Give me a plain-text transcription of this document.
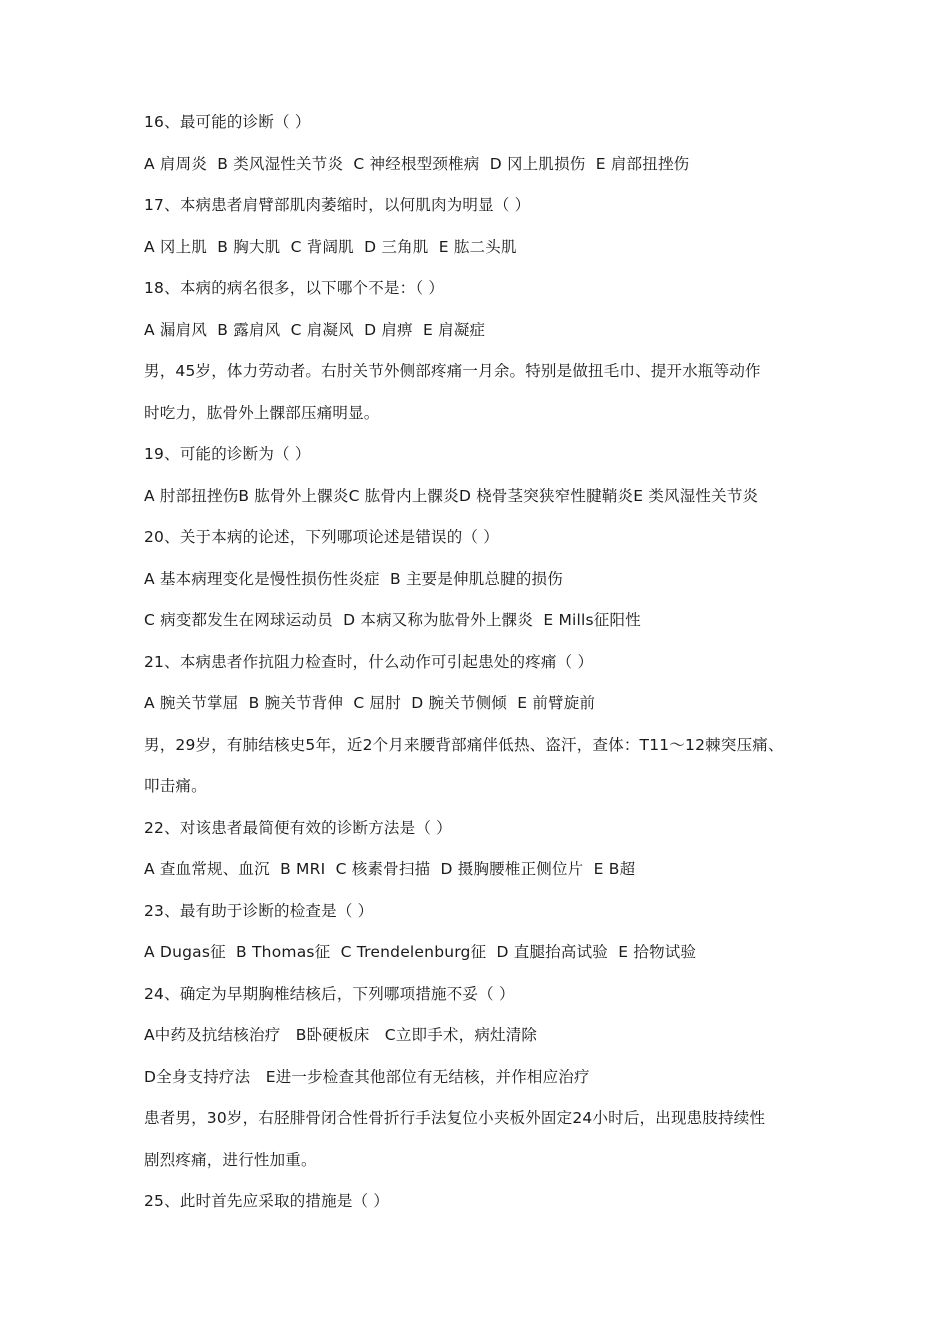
16、最可能的诊断（ ）
A 肩周炎  B 类风湿性关节炎  C 神经根型颈椎病  D 冈上肌损伤  E 肩部扭挫伤
17、本病患者肩臂部肌肉萎缩时，以何肌肉为明显（ ）
A 冈上肌  B 胸大肌  C 背阔肌  D 三角肌  E 肱二头肌
18、本病的病名很多，以下哪个不是：（ ）
A 漏肩风  B 露肩风  C 肩凝风  D 肩痹  E 肩凝症
男，45岁，体力劳动者。右肘关节外侧部疼痛一月余。特别是做扭毛巾、提开水瓶等动作
时吃力，肱骨外上髁部压痛明显。
19、可能的诊断为（ ）
A 肘部扭挫伤B 肱骨外上髁炎C 肱骨内上髁炎D 桡骨茎突狭窄性腱鞘炎E 类风湿性关节炎
20、关于本病的论述，下列哪项论述是错误的（ ）
A 基本病理变化是慢性损伤性炎症  B 主要是伸肌总腱的损伤
C 病变都发生在网球运动员  D 本病又称为肱骨外上髁炎  E Mills征阳性
21、本病患者作抗阻力检查时，什么动作可引起患处的疼痛（ ）
A 腕关节掌屈  B 腕关节背伸  C 屈肘  D 腕关节侧倾  E 前臂旋前
男，29岁，有肺结核史5年，近2个月来腰背部痛伴低热、盗汗，查体：T11～12棘突压痛、
叩击痛。
22、对该患者最简便有效的诊断方法是（ ）
A 查血常规、血沉  B MRI  C 核素骨扫描  D 摄胸腰椎正侧位片  E B超
23、最有助于诊断的检查是（ ）
A Dugas征  B Thomas征  C Trendelenburg征  D 直腿抬高试验  E 拾物试验
24、确定为早期胸椎结核后，下列哪项措施不妥（ ）
A中药及抗结核治疗   B卧硬板床   C立即手术，病灶清除
D全身支持疗法   E进一步检查其他部位有无结核，并作相应治疗
患者男，30岁，右胫腓骨闭合性骨折行手法复位小夹板外固定24小时后，出现患肢持续性
剧烈疼痛，进行性加重。
25、此时首先应采取的措施是（ ）
